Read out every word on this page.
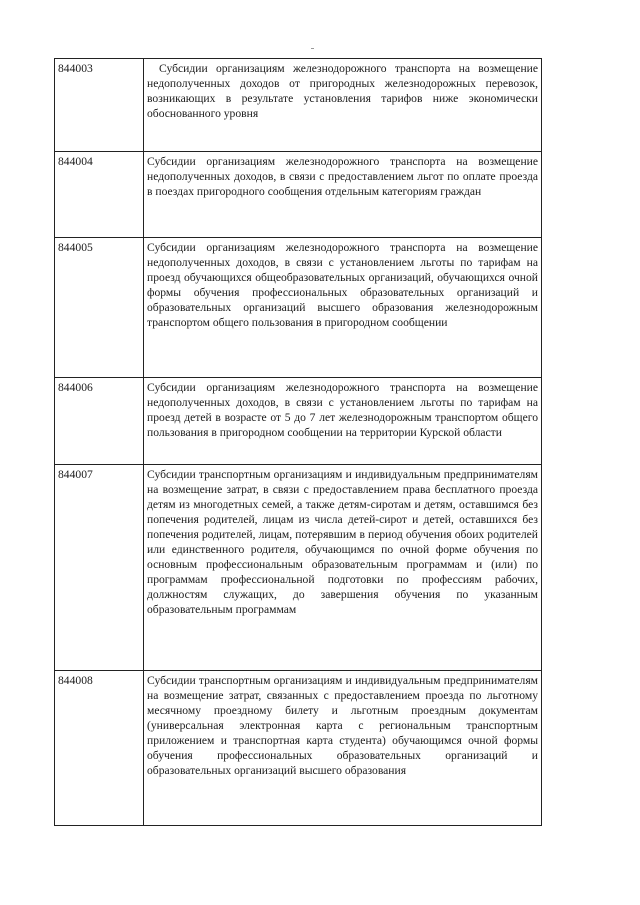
844003	Субсидии организациям железнодорожного транспорта на возмещение недополученных доходов от пригородных железнодорожных перевозок, возникающих в результате установления тарифов ниже экономически обоснованного уровня
844004	Субсидии организациям железнодорожного транспорта на возмещение недополученных доходов, в связи с предоставлением льгот по оплате проезда в поездах пригородного сообщения отдельным категориям граждан
844005	Субсидии организациям железнодорожного транспорта на возмещение недополученных доходов, в связи с установлением льготы по тарифам на проезд обучающихся общеобразовательных организаций, обучающихся очной формы обучения профессиональных образовательных организаций и образовательных организаций высшего образования железнодорожным транспортом общего пользования в пригородном сообщении
844006	Субсидии организациям железнодорожного транспорта на возмещение недополученных доходов, в связи с установлением льготы по тарифам на проезд детей в возрасте от 5 до 7 лет железнодорожным транспортом общего пользования в пригородном сообщении на территории Курской области
844007	Субсидии транспортным организациям и индивидуальным предпринимателям на возмещение затрат, в связи с предоставлением права бесплатного проезда детям из многодетных семей, а также детям-сиротам и детям, оставшимся без попечения родителей, лицам из числа детей-сирот и детей, оставшихся без попечения родителей, лицам, потерявшим в период обучения обоих родителей или единственного родителя, обучающимся по очной форме обучения по основным профессиональным образовательным программам и (или) по программам профессиональной подготовки по профессиям рабочих, должностям служащих, до завершения обучения по указанным образовательным программам
844008	Субсидии транспортным организациям и индивидуальным предпринимателям на возмещение затрат, связанных с предоставлением проезда по льготному месячному проездному билету и льготным проездным документам (универсальная электронная карта с региональным транспортным приложением и транспортная карта студента) обучающимся очной формы обучения профессиональных образовательных организаций и образовательных организаций высшего образования
